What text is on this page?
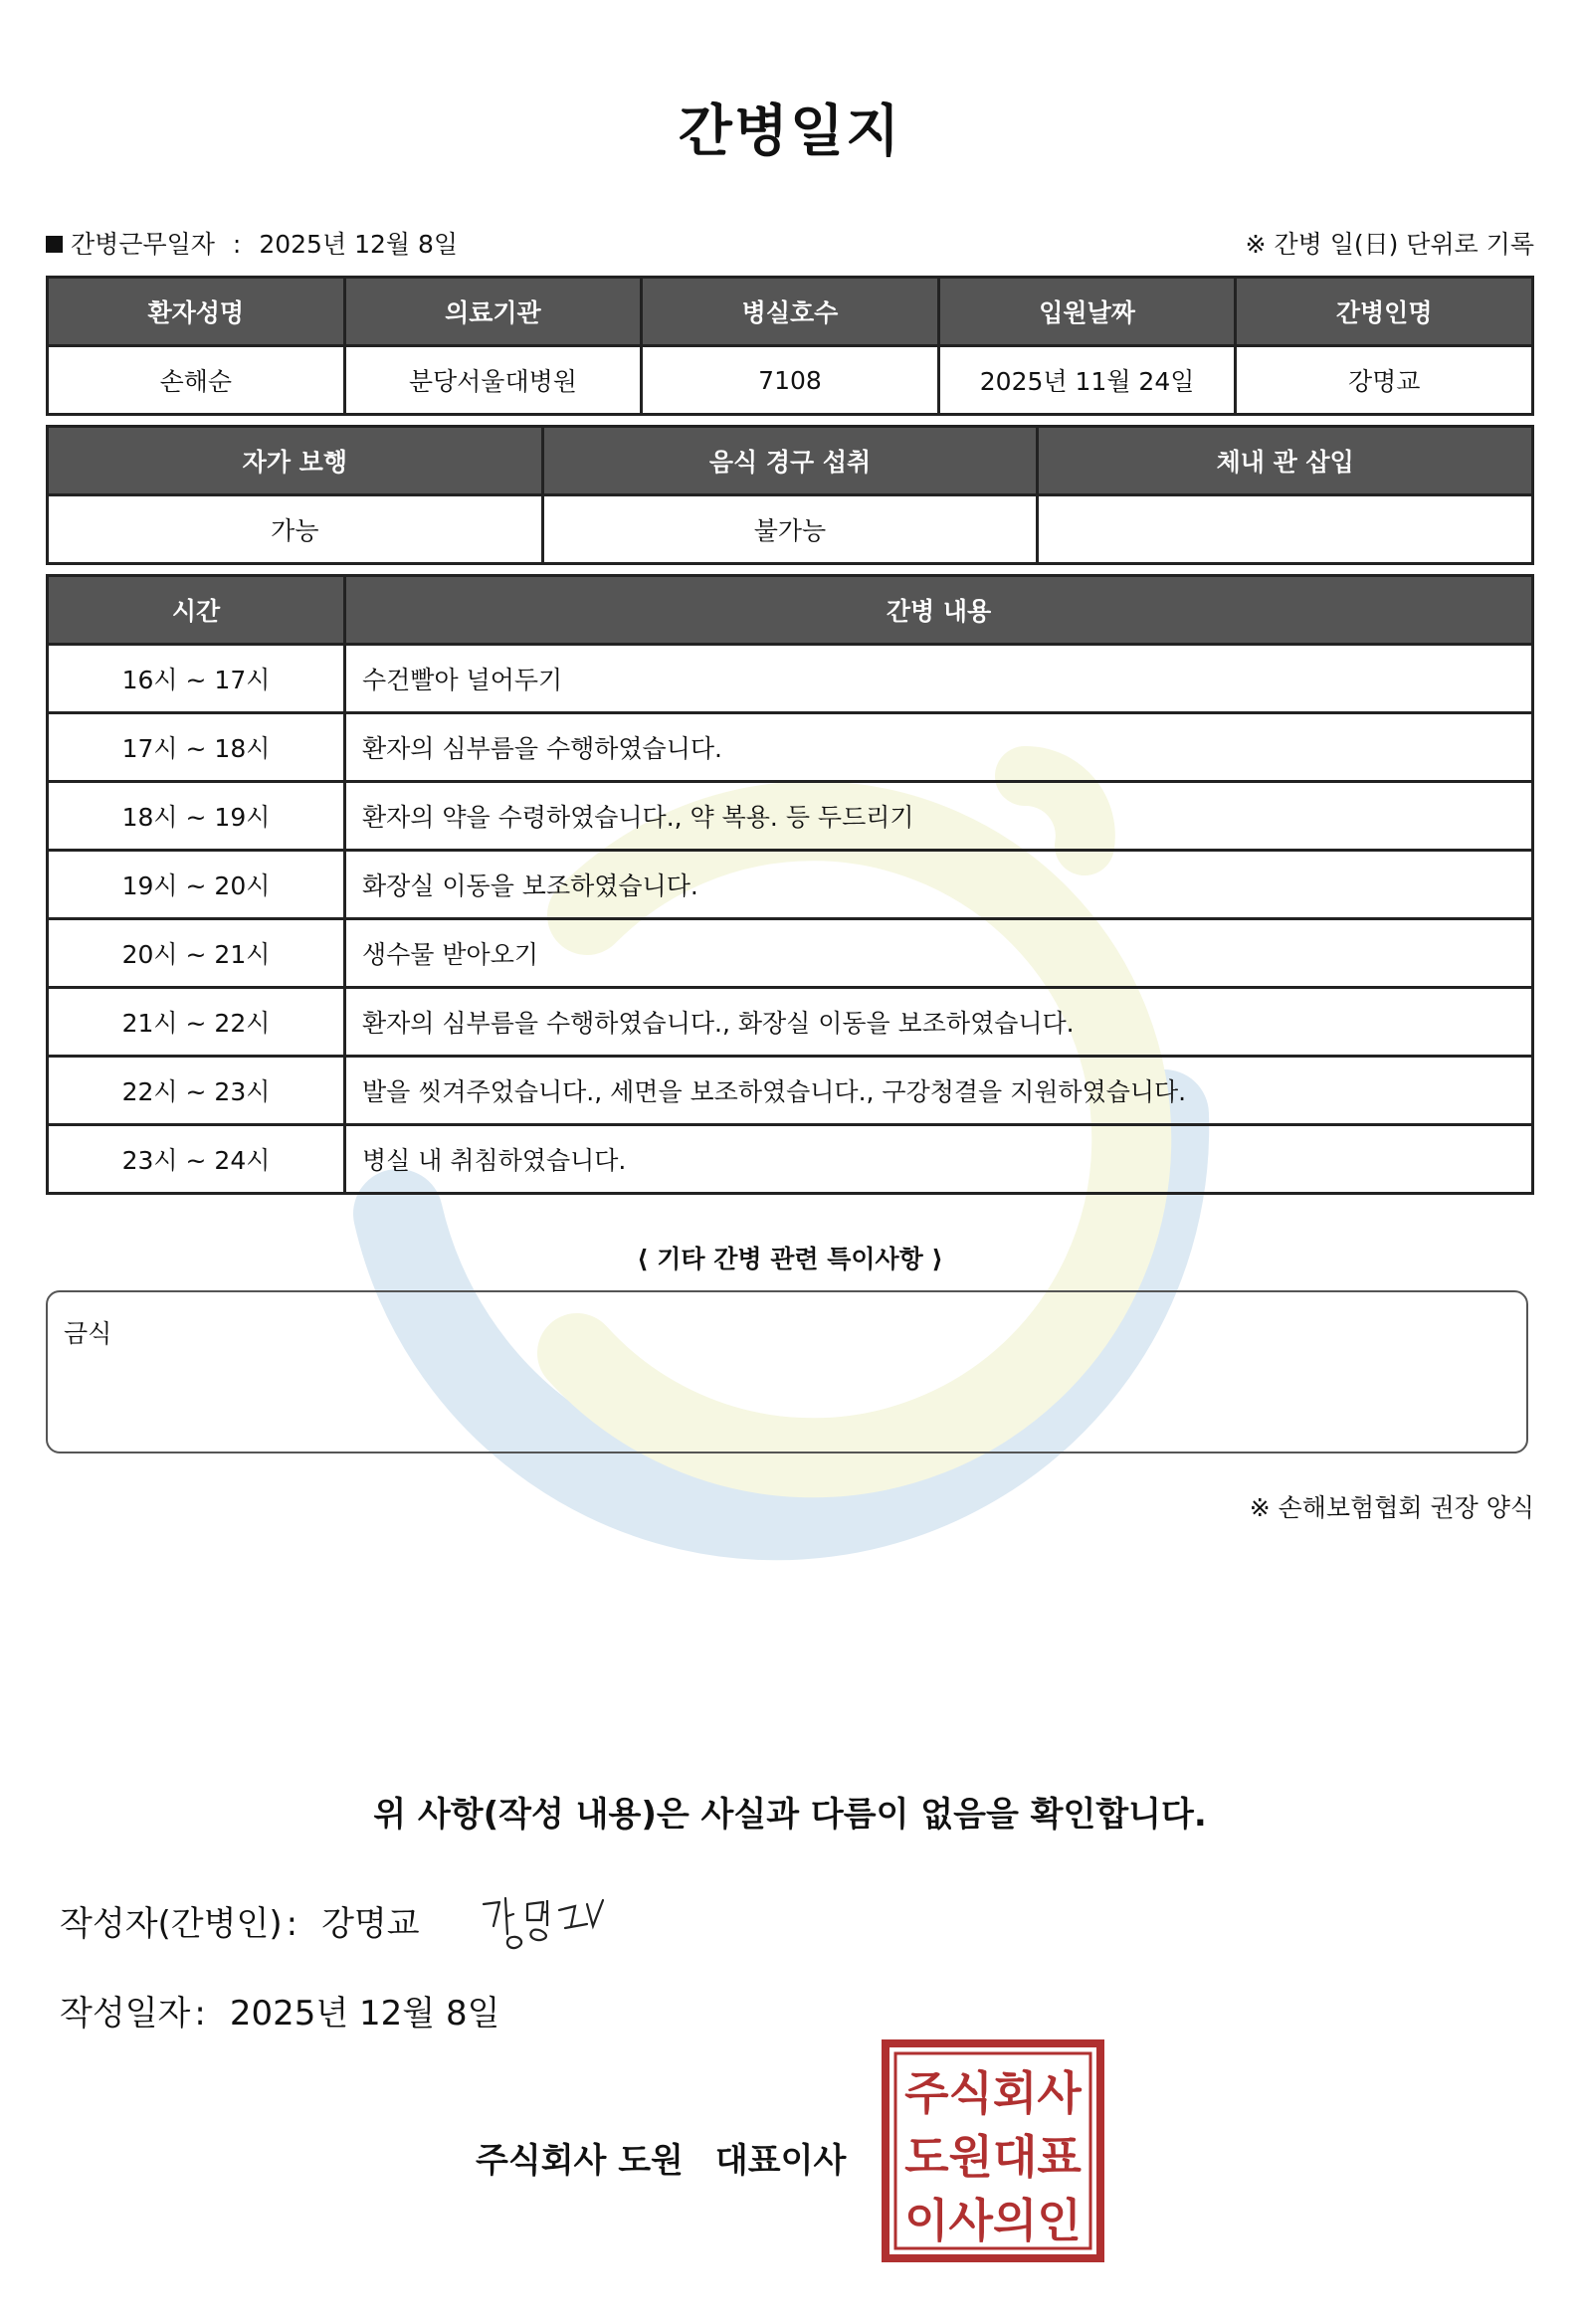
간병일지
간병근무일자 : 2025년 12월 8일	※ 간병 일(日) 단위로 기록
환자성명	의료기관	병실호수	입원날짜	간병인명
손해순	분당서울대병원	7108	2025년 11월 24일	강명교
자가 보행	음식 경구 섭취	체내 관 삽입
가능	불가능	
시간	간병 내용
16시 ~ 17시	수건빨아 널어두기
17시 ~ 18시	환자의 심부름을 수행하였습니다.
18시 ~ 19시	환자의 약을 수령하였습니다., 약 복용. 등 두드리기
19시 ~ 20시	화장실 이동을 보조하였습니다.
20시 ~ 21시	생수물 받아오기
21시 ~ 22시	환자의 심부름을 수행하였습니다., 화장실 이동을 보조하였습니다.
22시 ~ 23시	발을 씻겨주었습니다., 세면을 보조하였습니다., 구강청결을 지원하였습니다.
23시 ~ 24시	병실 내 취침하였습니다.
⟨ 기타 간병 관련 특이사항 ⟩
금식
※ 손해보험협회 권장 양식
위 사항(작성 내용)은 사실과 다름이 없음을 확인합니다.
작성자(간병인) : 강명교
작성일자 : 2025년 12월 8일
주식회사 도원 대표이사
주식회사
도원대표
이사의인
